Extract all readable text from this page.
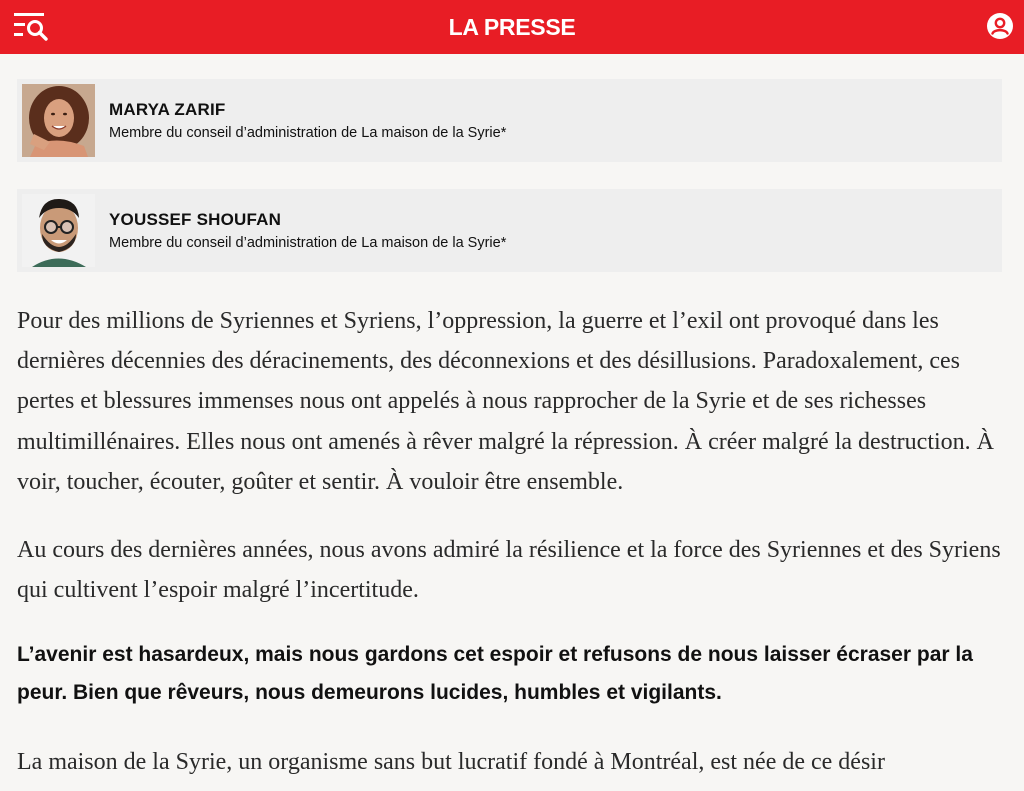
LA PRESSE
MARYA ZARIF
Membre du conseil d’administration de La maison de la Syrie*
YOUSSEF SHOUFAN
Membre du conseil d’administration de La maison de la Syrie*

Pour des millions de Syriennes et Syriens, l’oppression, la guerre et l’exil ont provoqué dans les dernières décennies des déracinements, des déconnexions et des désillusions. Paradoxalement, ces pertes et blessures immenses nous ont appelés à nous rapprocher de la Syrie et de ses richesses multimillénaires. Elles nous ont amenés à rêver malgré la répression. À créer malgré la destruction. À voir, toucher, écouter, goûter et sentir. À vouloir être ensemble.

Au cours des dernières années, nous avons admiré la résilience et la force des Syriennes et des Syriens qui cultivent l’espoir malgré l’incertitude.

L’avenir est hasardeux, mais nous gardons cet espoir et refusons de nous laisser écraser par la peur. Bien que rêveurs, nous demeurons lucides, humbles et vigilants.

La maison de la Syrie, un organisme sans but lucratif fondé à Montréal, est née de ce désir
